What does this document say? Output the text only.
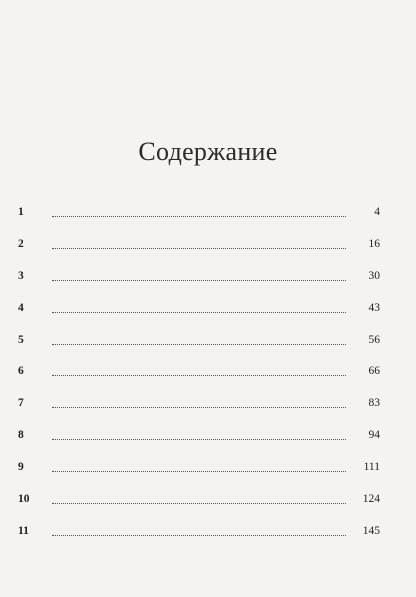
Содержание
1	4
2	16
3	30
4	43
5	56
6	66
7	83
8	94
9	111
10	124
11	145
